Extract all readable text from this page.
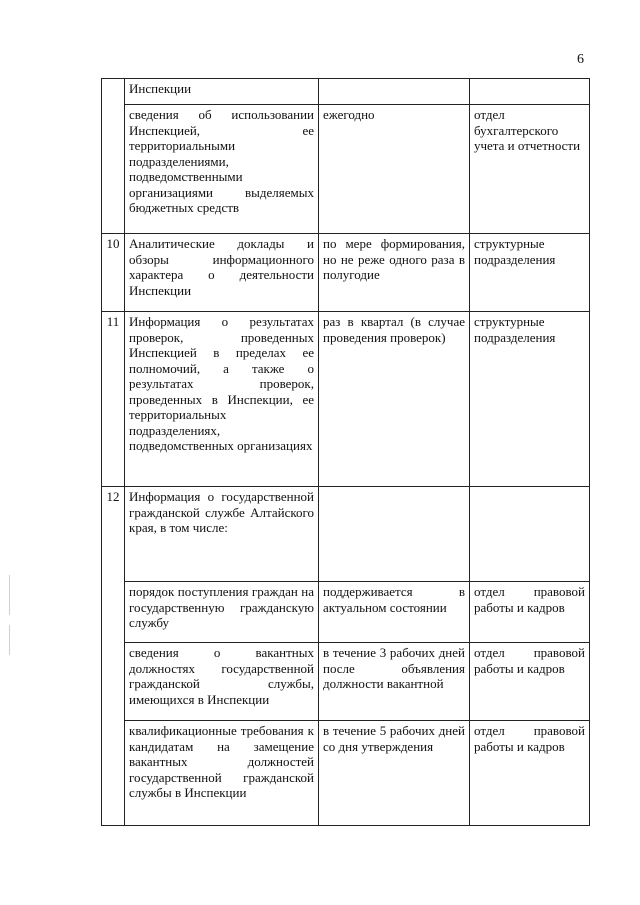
6
	Инспекции		
	сведения об использовании Инспекцией, ее территориальными подразделениями, подведомственными организациями выделяемых бюджетных средств	ежегодно	отдел бухгалтерского учета и отчетности
10	Аналитические доклады и обзоры информационного характера о деятельности Инспекции	по мере формирования, но не реже одного раза в полугодие	структурные подразделения
11	Информация о результатах проверок, проведенных Инспекцией в пределах ее полномочий, а также о результатах проверок, проведенных в Инспекции, ее территориальных подразделениях, подведомственных организациях	раз в квартал (в случае проведения проверок)	структурные подразделения
12	Информация о государственной гражданской службе Алтайского края, в том числе:		
	порядок поступления граждан на государственную гражданскую службу	поддерживается в актуальном состоянии	отдел правовой работы и кадров
	сведения о вакантных должностях государственной гражданской службы, имеющихся в Инспекции	в течение 3 рабочих дней после объявления должности вакантной	отдел правовой работы и кадров
	квалификационные требования к кандидатам на замещение вакантных должностей государственной гражданской службы в Инспекции	в течение 5 рабочих дней со дня утверждения	отдел правовой работы и кадров
